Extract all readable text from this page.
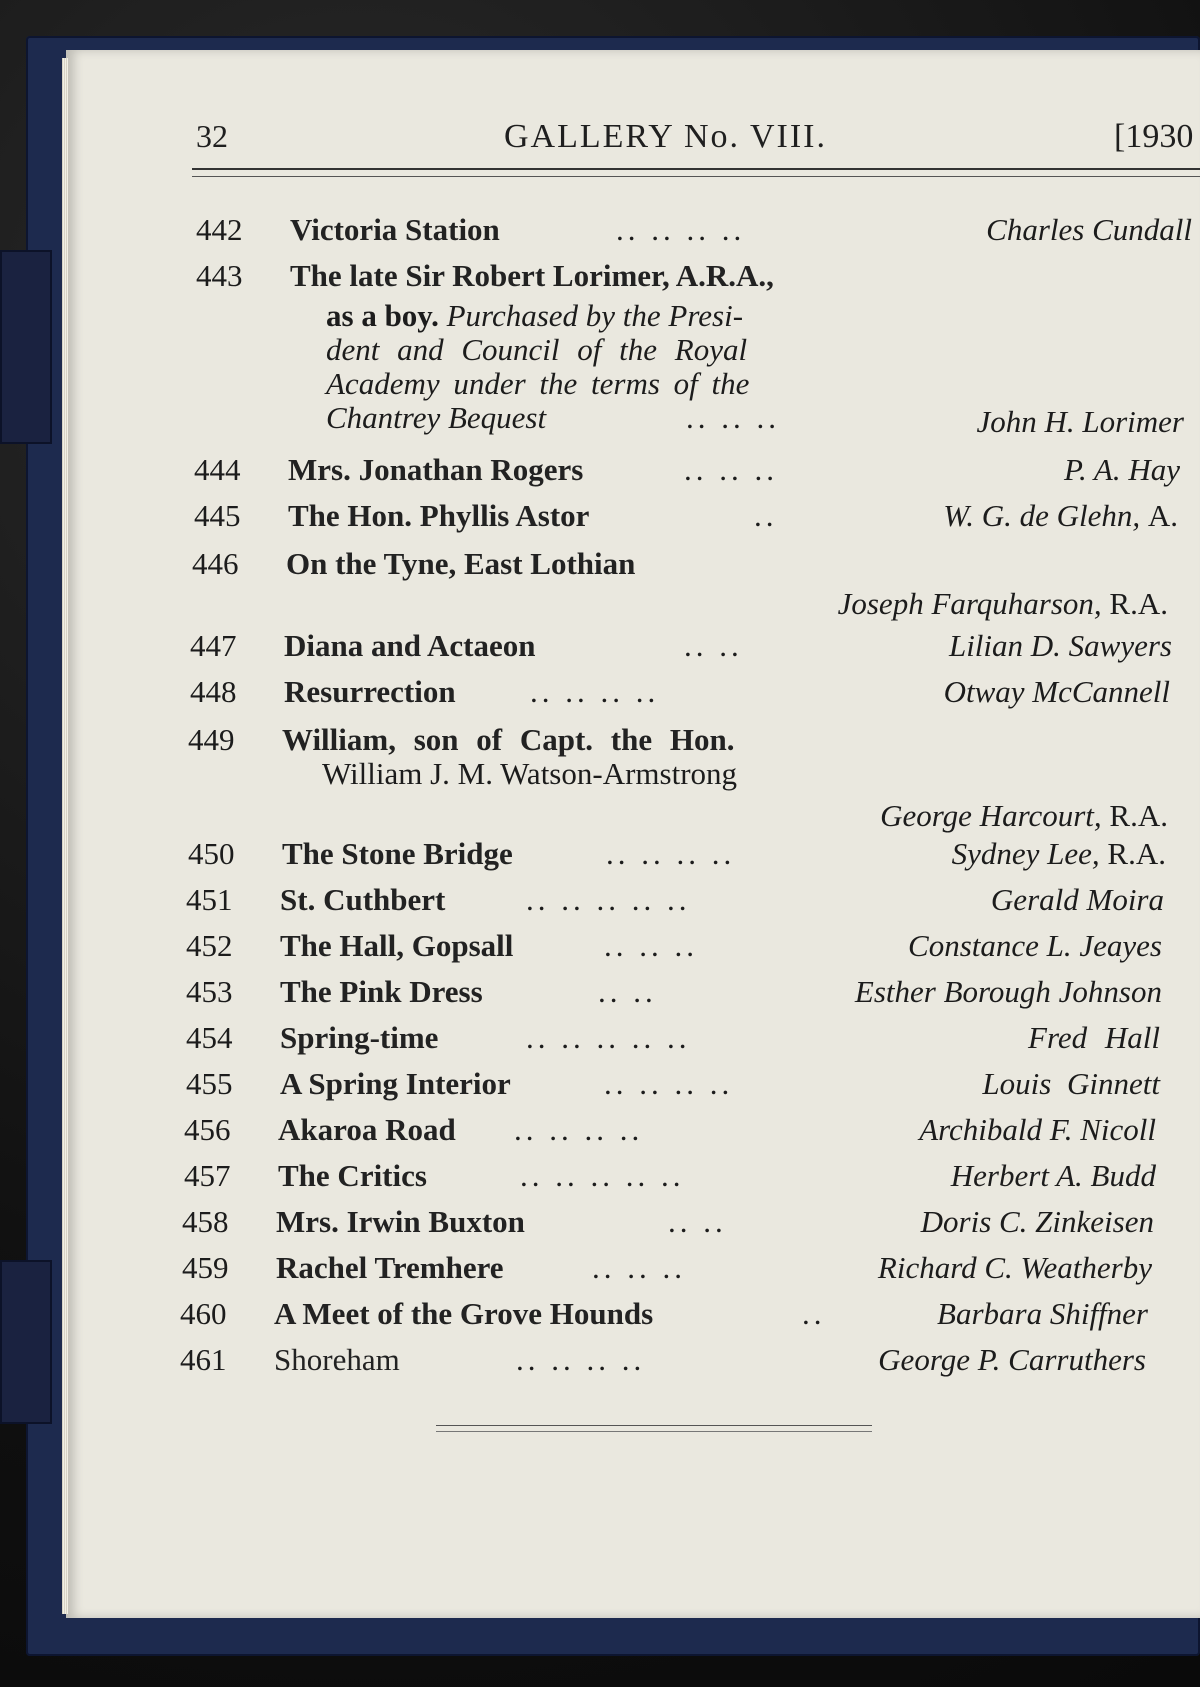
32	GALLERY No. VIII.	[1930
442 Victoria Station	.. .. .. ..	Charles Cundall
443 The late Sir Robert Lorimer, A.R.A.,
as a boy. Purchased by the Presi-
dent and Council of the Royal
Academy under the terms of the
Chantrey Bequest	.. .. ..	John H. Lorimer
444 Mrs. Jonathan Rogers	.. .. ..	P. A. Hay
445 The Hon. Phyllis Astor	..	W. G. de Glehn, A.
446 On the Tyne, East Lothian
Joseph Farquharson, R.A.
447 Diana and Actaeon	.. ..	Lilian D. Sawyers
448 Resurrection .. .. .. ..	Otway McCannell
449 William, son of Capt. the Hon.
William J. M. Watson-Armstrong
George Harcourt, R.A.
450 The Stone Bridge	.. .. .. ..	Sydney Lee, R.A.
451 St. Cuthbert	.. .. .. .. ..	Gerald Moira
452 The Hall, Gopsall	.. .. ..	Constance L. Jeayes
453 The Pink Dress	.. ..	Esther Borough Johnson
454 Spring-time	.. .. .. .. ..	Fred Hall
455 A Spring Interior	.. .. .. ..	Louis Ginnett
456 Akaroa Road .. .. .. ..	Archibald F. Nicoll
457 The Critics	.. .. .. .. ..	Herbert A. Budd
458 Mrs. Irwin Buxton	.. ..	Doris C. Zinkeisen
459 Rachel Tremhere	.. .. ..	Richard C. Weatherby
460 A Meet of the Grove Hounds	..	Barbara Shiffner
461 Shoreham	.. .. .. ..	George P. Carruthers
